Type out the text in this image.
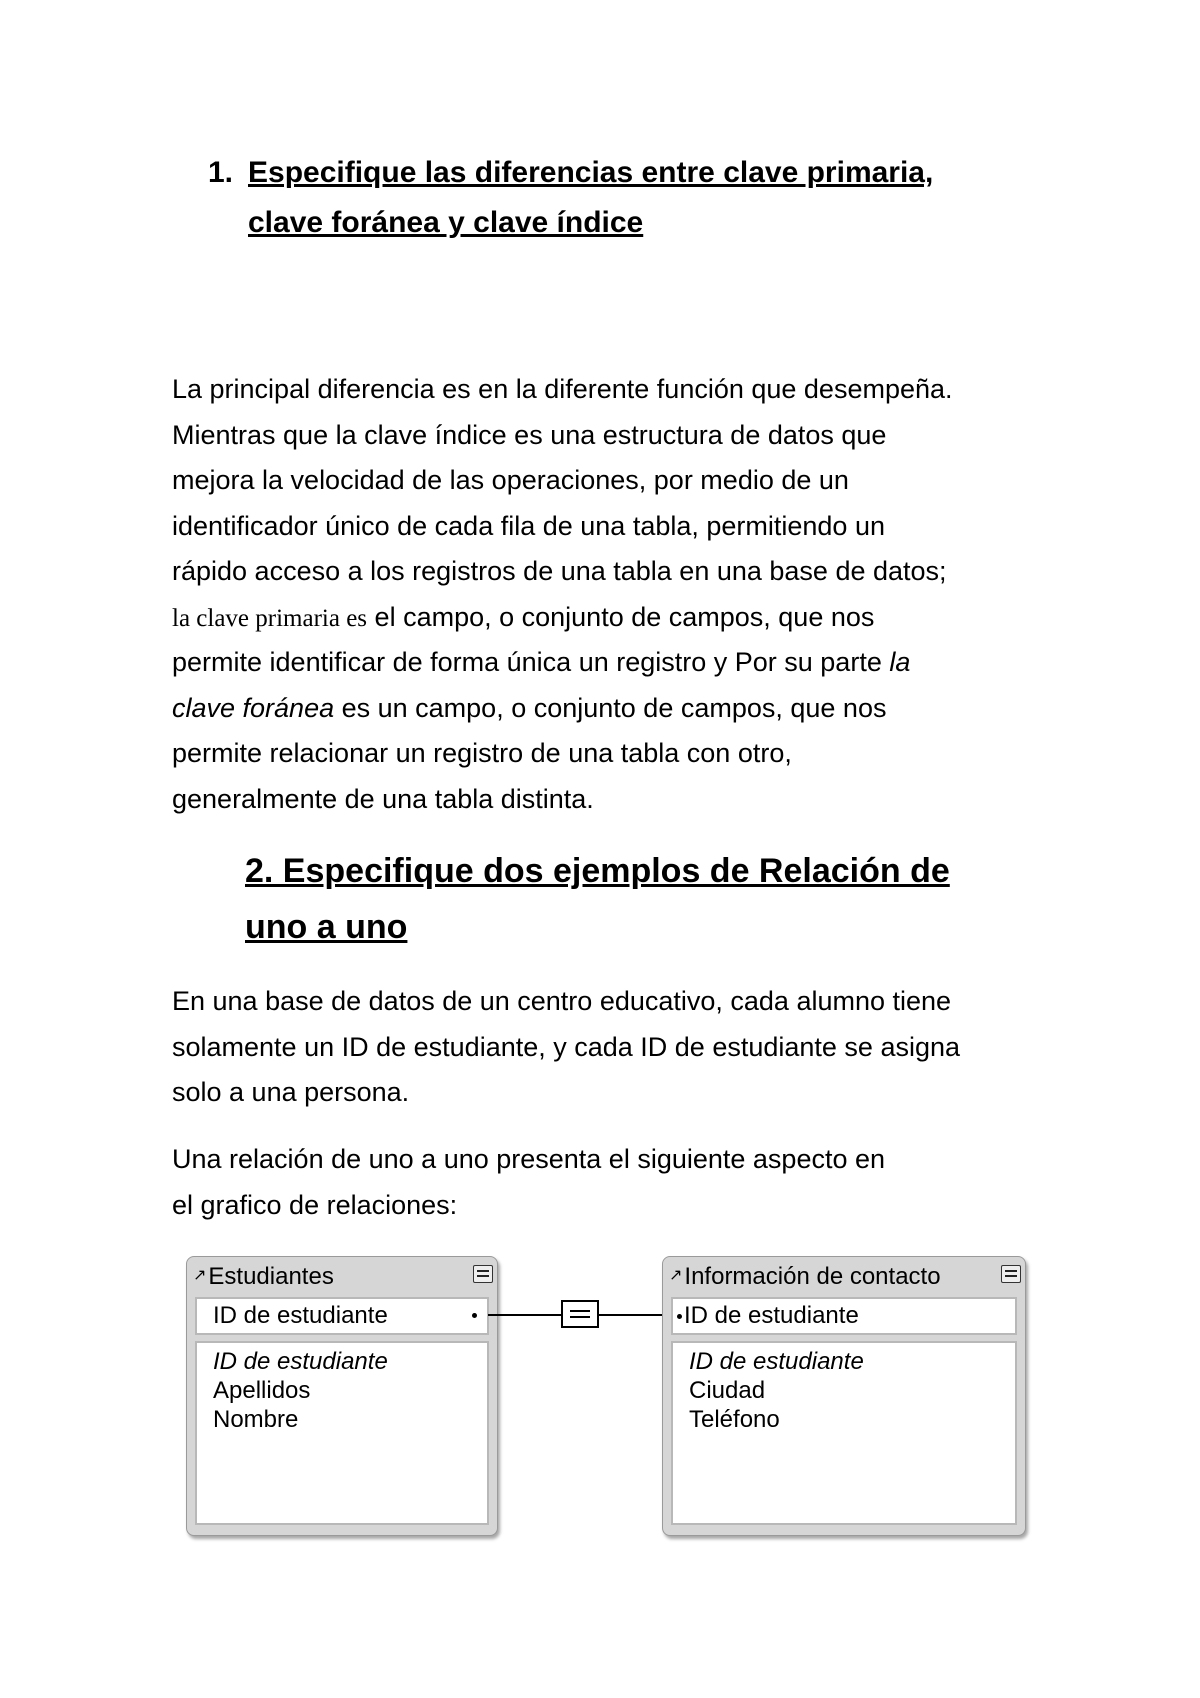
1. Especifique las diferencias entre clave primaria,
clave foránea y clave índice
La principal diferencia es en la diferente función que desempeña.
Mientras que la clave índice es una estructura de datos que
mejora la velocidad de las operaciones, por medio de un
identificador único de cada fila de una tabla, permitiendo un
rápido acceso a los registros de una tabla en una base de datos;
la clave primaria es el campo, o conjunto de campos, que nos
permite identificar de forma única un registro y Por su parte la
clave foránea es un campo, o conjunto de campos, que nos
permite relacionar un registro de una tabla con otro,
generalmente de una tabla distinta.
2. Especifique dos ejemplos de Relación de
uno a uno
En una base de datos de un centro educativo, cada alumno tiene
solamente un ID de estudiante, y cada ID de estudiante se asigna
solo a una persona.
Una relación de uno a uno presenta el siguiente aspecto en
el grafico de relaciones:
↗Estudiantes
ID de estudiante
ID de estudiante
Apellidos
Nombre
↗Información de contacto
ID de estudiante
ID de estudiante
Ciudad
Teléfono
